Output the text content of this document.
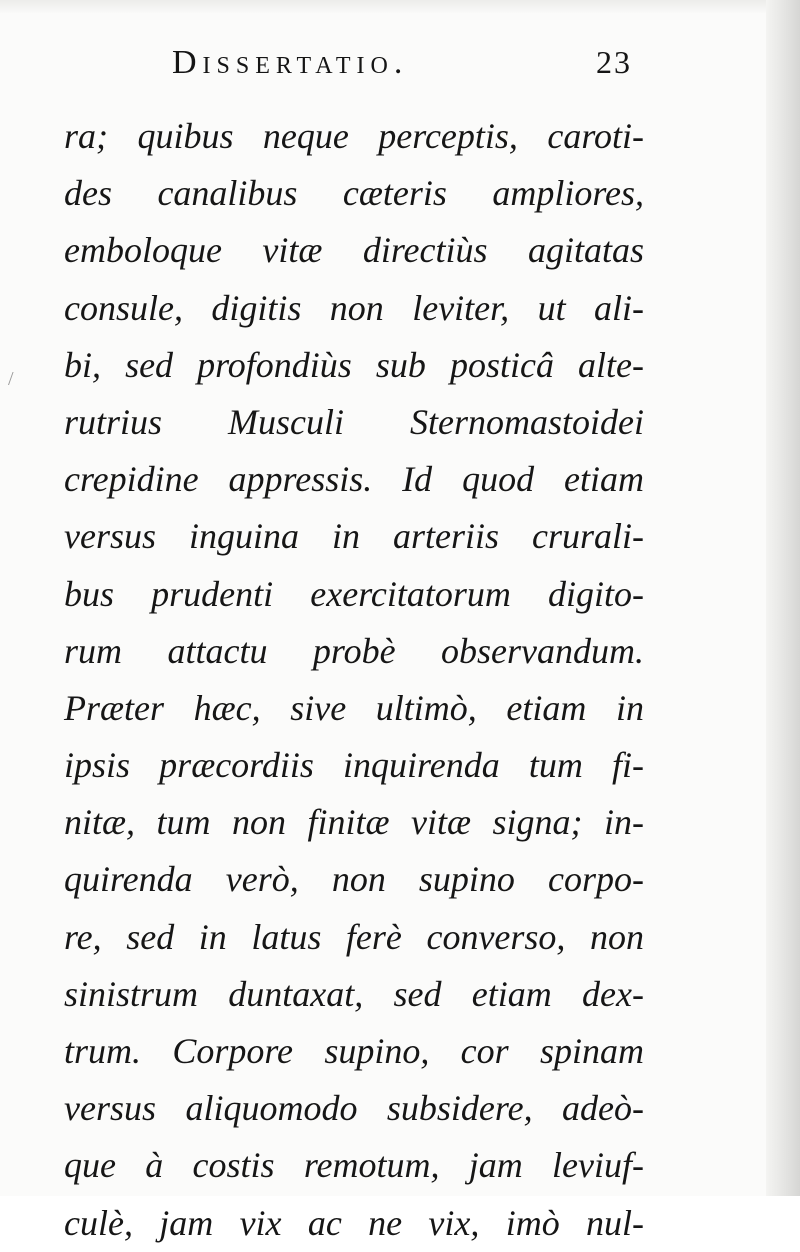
Dissertatio.	23
/
ra; quibus neque perceptis, caroti-
des canalibus cæteris ampliores,
emboloque vitæ directiùs agitatas
consule, digitis non leviter, ut ali-
bi, sed profondiùs sub posticâ alte-
rutrius Musculi Sternomastoidei
crepidine appressis. Id quod etiam
versus inguina in arteriis crurali-
bus prudenti exercitatorum digito-
rum attactu probè observandum.
Præter hæc, sive ultimò, etiam in
ipsis præcordiis inquirenda tum fi-
nitæ, tum non finitæ vitæ signa; in-
quirenda verò, non supino corpo-
re, sed in latus ferè converso, non
sinistrum duntaxat, sed etiam dex-
trum. Corpore supino, cor spinam
versus aliquomodo subsidere, adeò-
que à costis remotum, jam leviuf-
culè, jam vix ac ne vix, imò nul-
